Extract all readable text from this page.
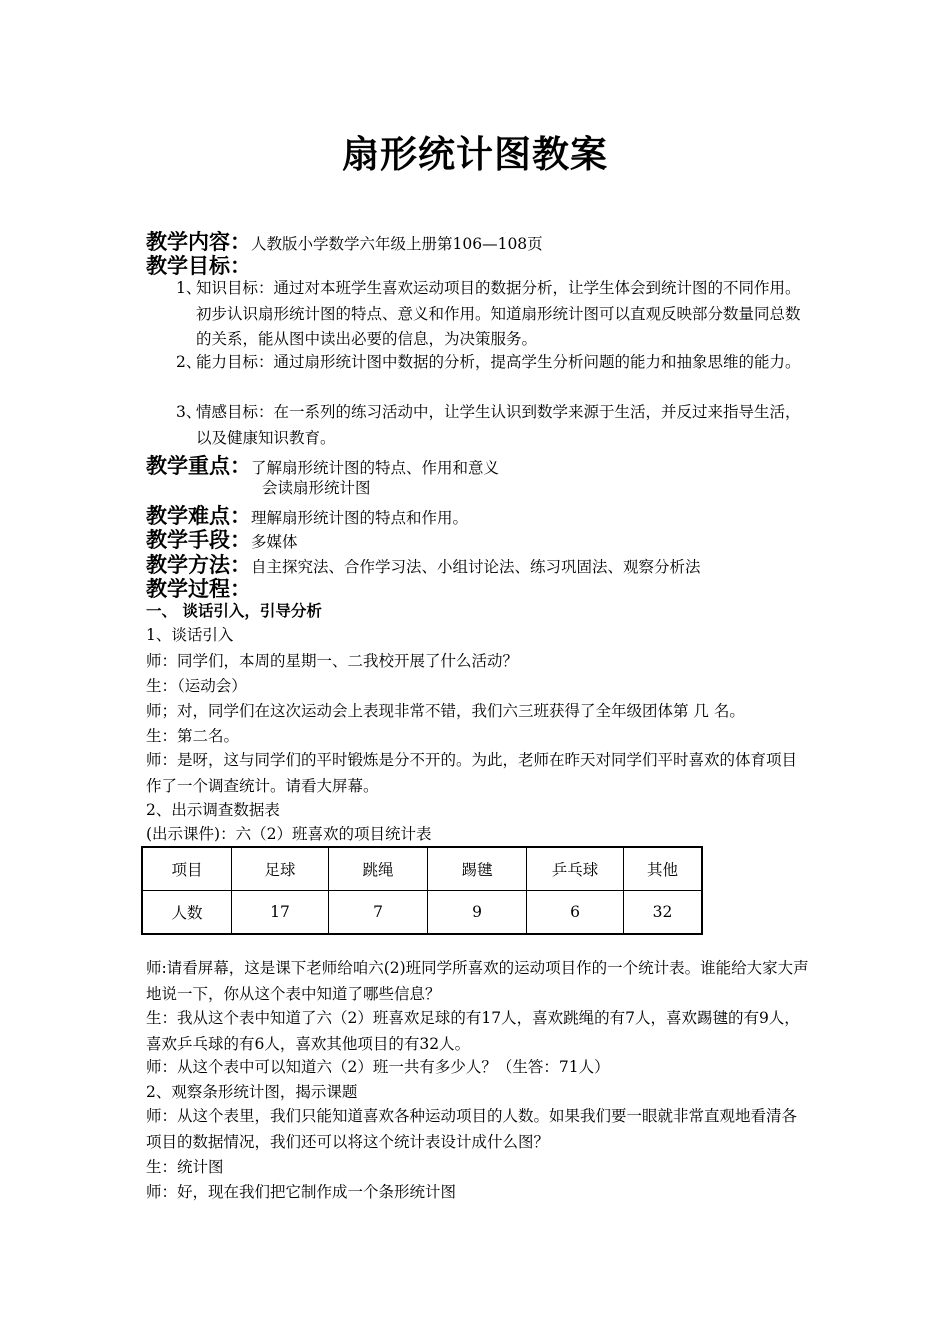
扇形统计图教案
教学内容：人教版小学数学六年级上册第106—108页
教学目标：
1、
知识目标：通过对本班学生喜欢运动项目的数据分析，让学生体会到统计图的不同作用。初步认识扇形统计图的特点、意义和作用。知道扇形统计图可以直观反映部分数量同总数的关系，能从图中读出必要的信息，为决策服务。
2、
能力目标：通过扇形统计图中数据的分析，提高学生分析问题的能力和抽象思维的能力。
3、
情感目标：在一系列的练习活动中，让学生认识到数学来源于生活，并反过来指导生活，以及健康知识教育。
教学重点：了解扇形统计图的特点、作用和意义
会读扇形统计图
教学难点：理解扇形统计图的特点和作用。
教学手段：多媒体
教学方法：自主探究法、合作学习法、小组讨论法、练习巩固法、观察分析法
教学过程：
一、 谈话引入，引导分析
1、谈话引入
师：同学们，本周的星期一、二我校开展了什么活动？
生：（运动会）
师；对，同学们在这次运动会上表现非常不错，我们六三班获得了全年级团体第 几 名。
生：第二名。
师：是呀，这与同学们的平时锻炼是分不开的。为此，老师在昨天对同学们平时喜欢的体育项目作了一个调查统计。请看大屏幕。
2、出示调查数据表
(出示课件)：六（2）班喜欢的项目统计表
项目	足球	跳绳	踢毽	乒乓球	其他
人数	17	7	9	6	32
师:请看屏幕，这是课下老师给咱六(2)班同学所喜欢的运动项目作的一个统计表。谁能给大家大声地说一下，你从这个表中知道了哪些信息？
生：我从这个表中知道了六（2）班喜欢足球的有17人，喜欢跳绳的有7人，喜欢踢毽的有9人，喜欢乒乓球的有6人，喜欢其他项目的有32人。
师：从这个表中可以知道六（2）班一共有多少人？（生答：71人）
2、观察条形统计图，揭示课题
师：从这个表里，我们只能知道喜欢各种运动项目的人数。如果我们要一眼就非常直观地看清各项目的数据情况，我们还可以将这个统计表设计成什么图？
生：统计图
师：好，现在我们把它制作成一个条形统计图
